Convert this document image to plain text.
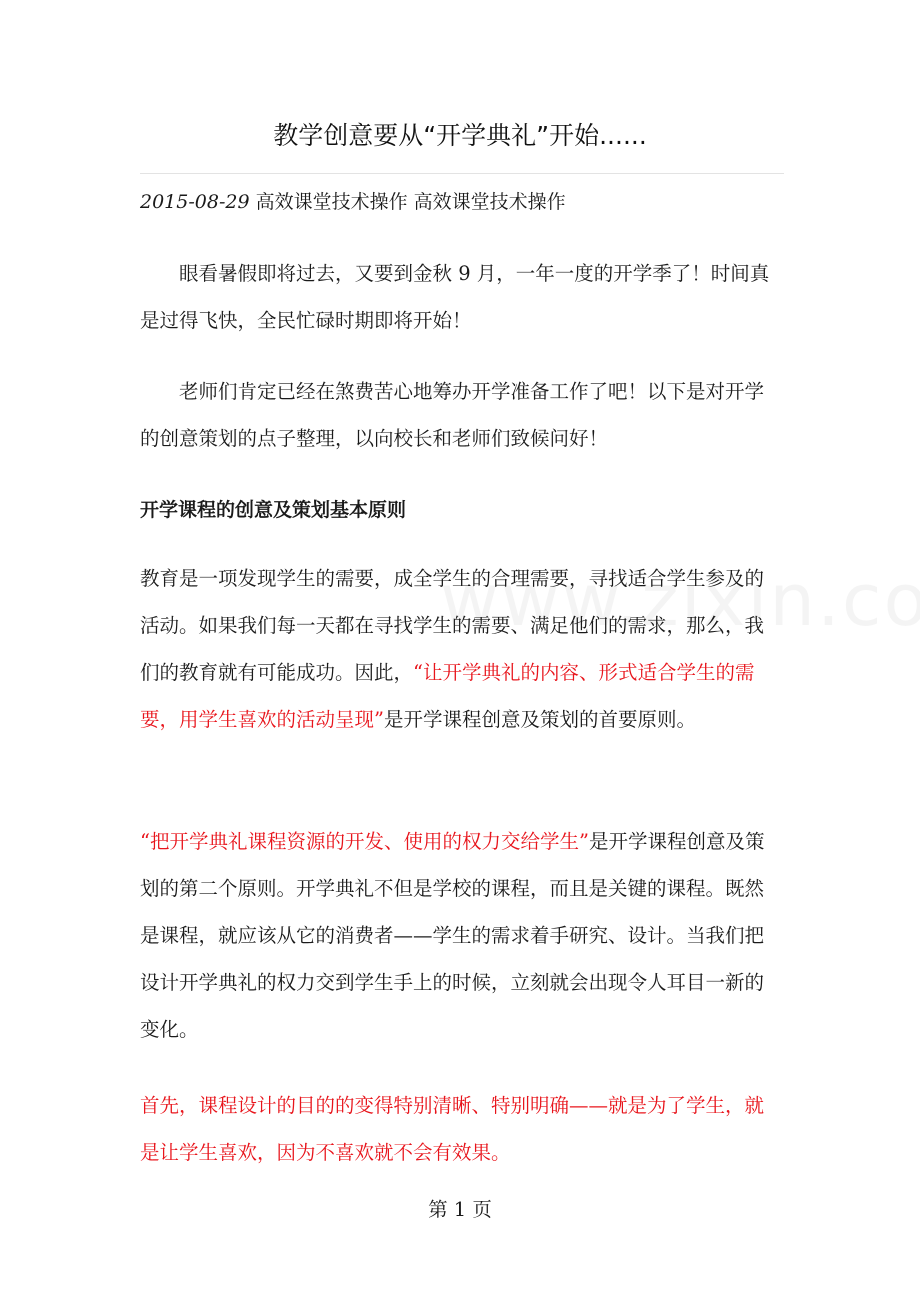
教学创意要从“开学典礼”开始......
2015-08-29 高效课堂技术操作 高效课堂技术操作

眼看暑假即将过去，又要到金秋 9 月，一年一度的开学季了！时间真是过得飞快，全民忙碌时期即将开始！

老师们肯定已经在煞费苦心地筹办开学准备工作了吧！以下是对开学的创意策划的点子整理，以向校长和老师们致候问好！

开学课程的创意及策划基本原则

教育是一项发现学生的需要，成全学生的合理需要，寻找适合学生参及的活动。如果我们每一天都在寻找学生的需要、满足他们的需求，那么，我们的教育就有可能成功。因此，“让开学典礼的内容、形式适合学生的需要，用学生喜欢的活动呈现”是开学课程创意及策划的首要原则。

“把开学典礼课程资源的开发、使用的权力交给学生”是开学课程创意及策划的第二个原则。开学典礼不但是学校的课程，而且是关键的课程。既然是课程，就应该从它的消费者——学生的需求着手研究、设计。当我们把设计开学典礼的权力交到学生手上的时候，立刻就会出现令人耳目一新的变化。

首先，课程设计的目的的变得特别清晰、特别明确——就是为了学生，就是让学生喜欢，因为不喜欢就不会有效果。

第 1 页
